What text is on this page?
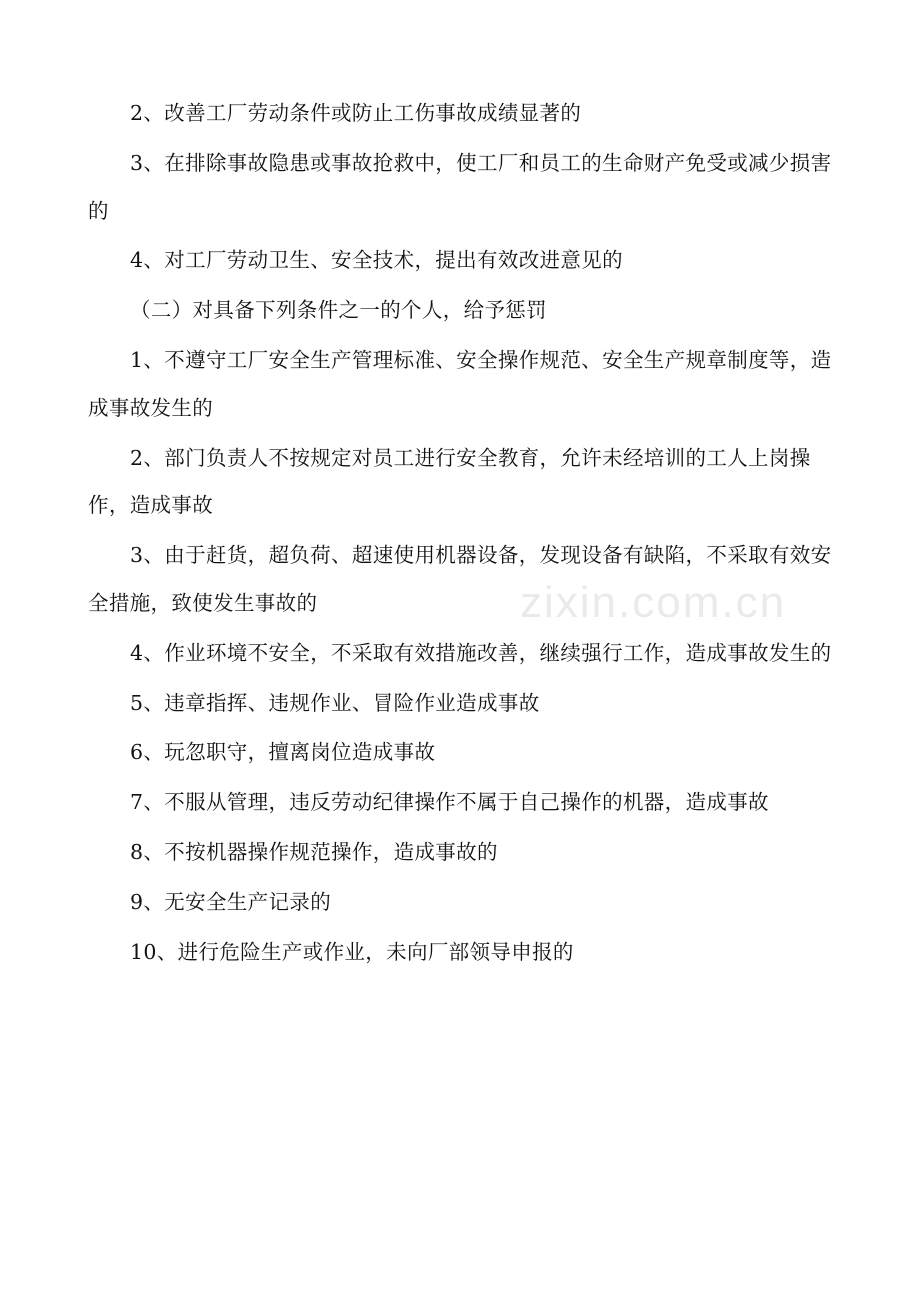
2、改善工厂劳动条件或防止工伤事故成绩显著的

3、在排除事故隐患或事故抢救中，使工厂和员工的生命财产免受或减少损害的

4、对工厂劳动卫生、安全技术，提出有效改进意见的

（二）对具备下列条件之一的个人，给予惩罚

1、不遵守工厂安全生产管理标准、安全操作规范、安全生产规章制度等，造成事故发生的

2、部门负责人不按规定对员工进行安全教育，允许未经培训的工人上岗操作，造成事故

3、由于赶货，超负荷、超速使用机器设备，发现设备有缺陷，不采取有效安全措施，致使发生事故的

4、作业环境不安全，不采取有效措施改善，继续强行工作，造成事故发生的

5、违章指挥、违规作业、冒险作业造成事故

6、玩忽职守，擅离岗位造成事故

7、不服从管理，违反劳动纪律操作不属于自己操作的机器，造成事故

8、不按机器操作规范操作，造成事故的

9、无安全生产记录的

10、进行危险生产或作业，未向厂部领导申报的

zixin.com.cn
